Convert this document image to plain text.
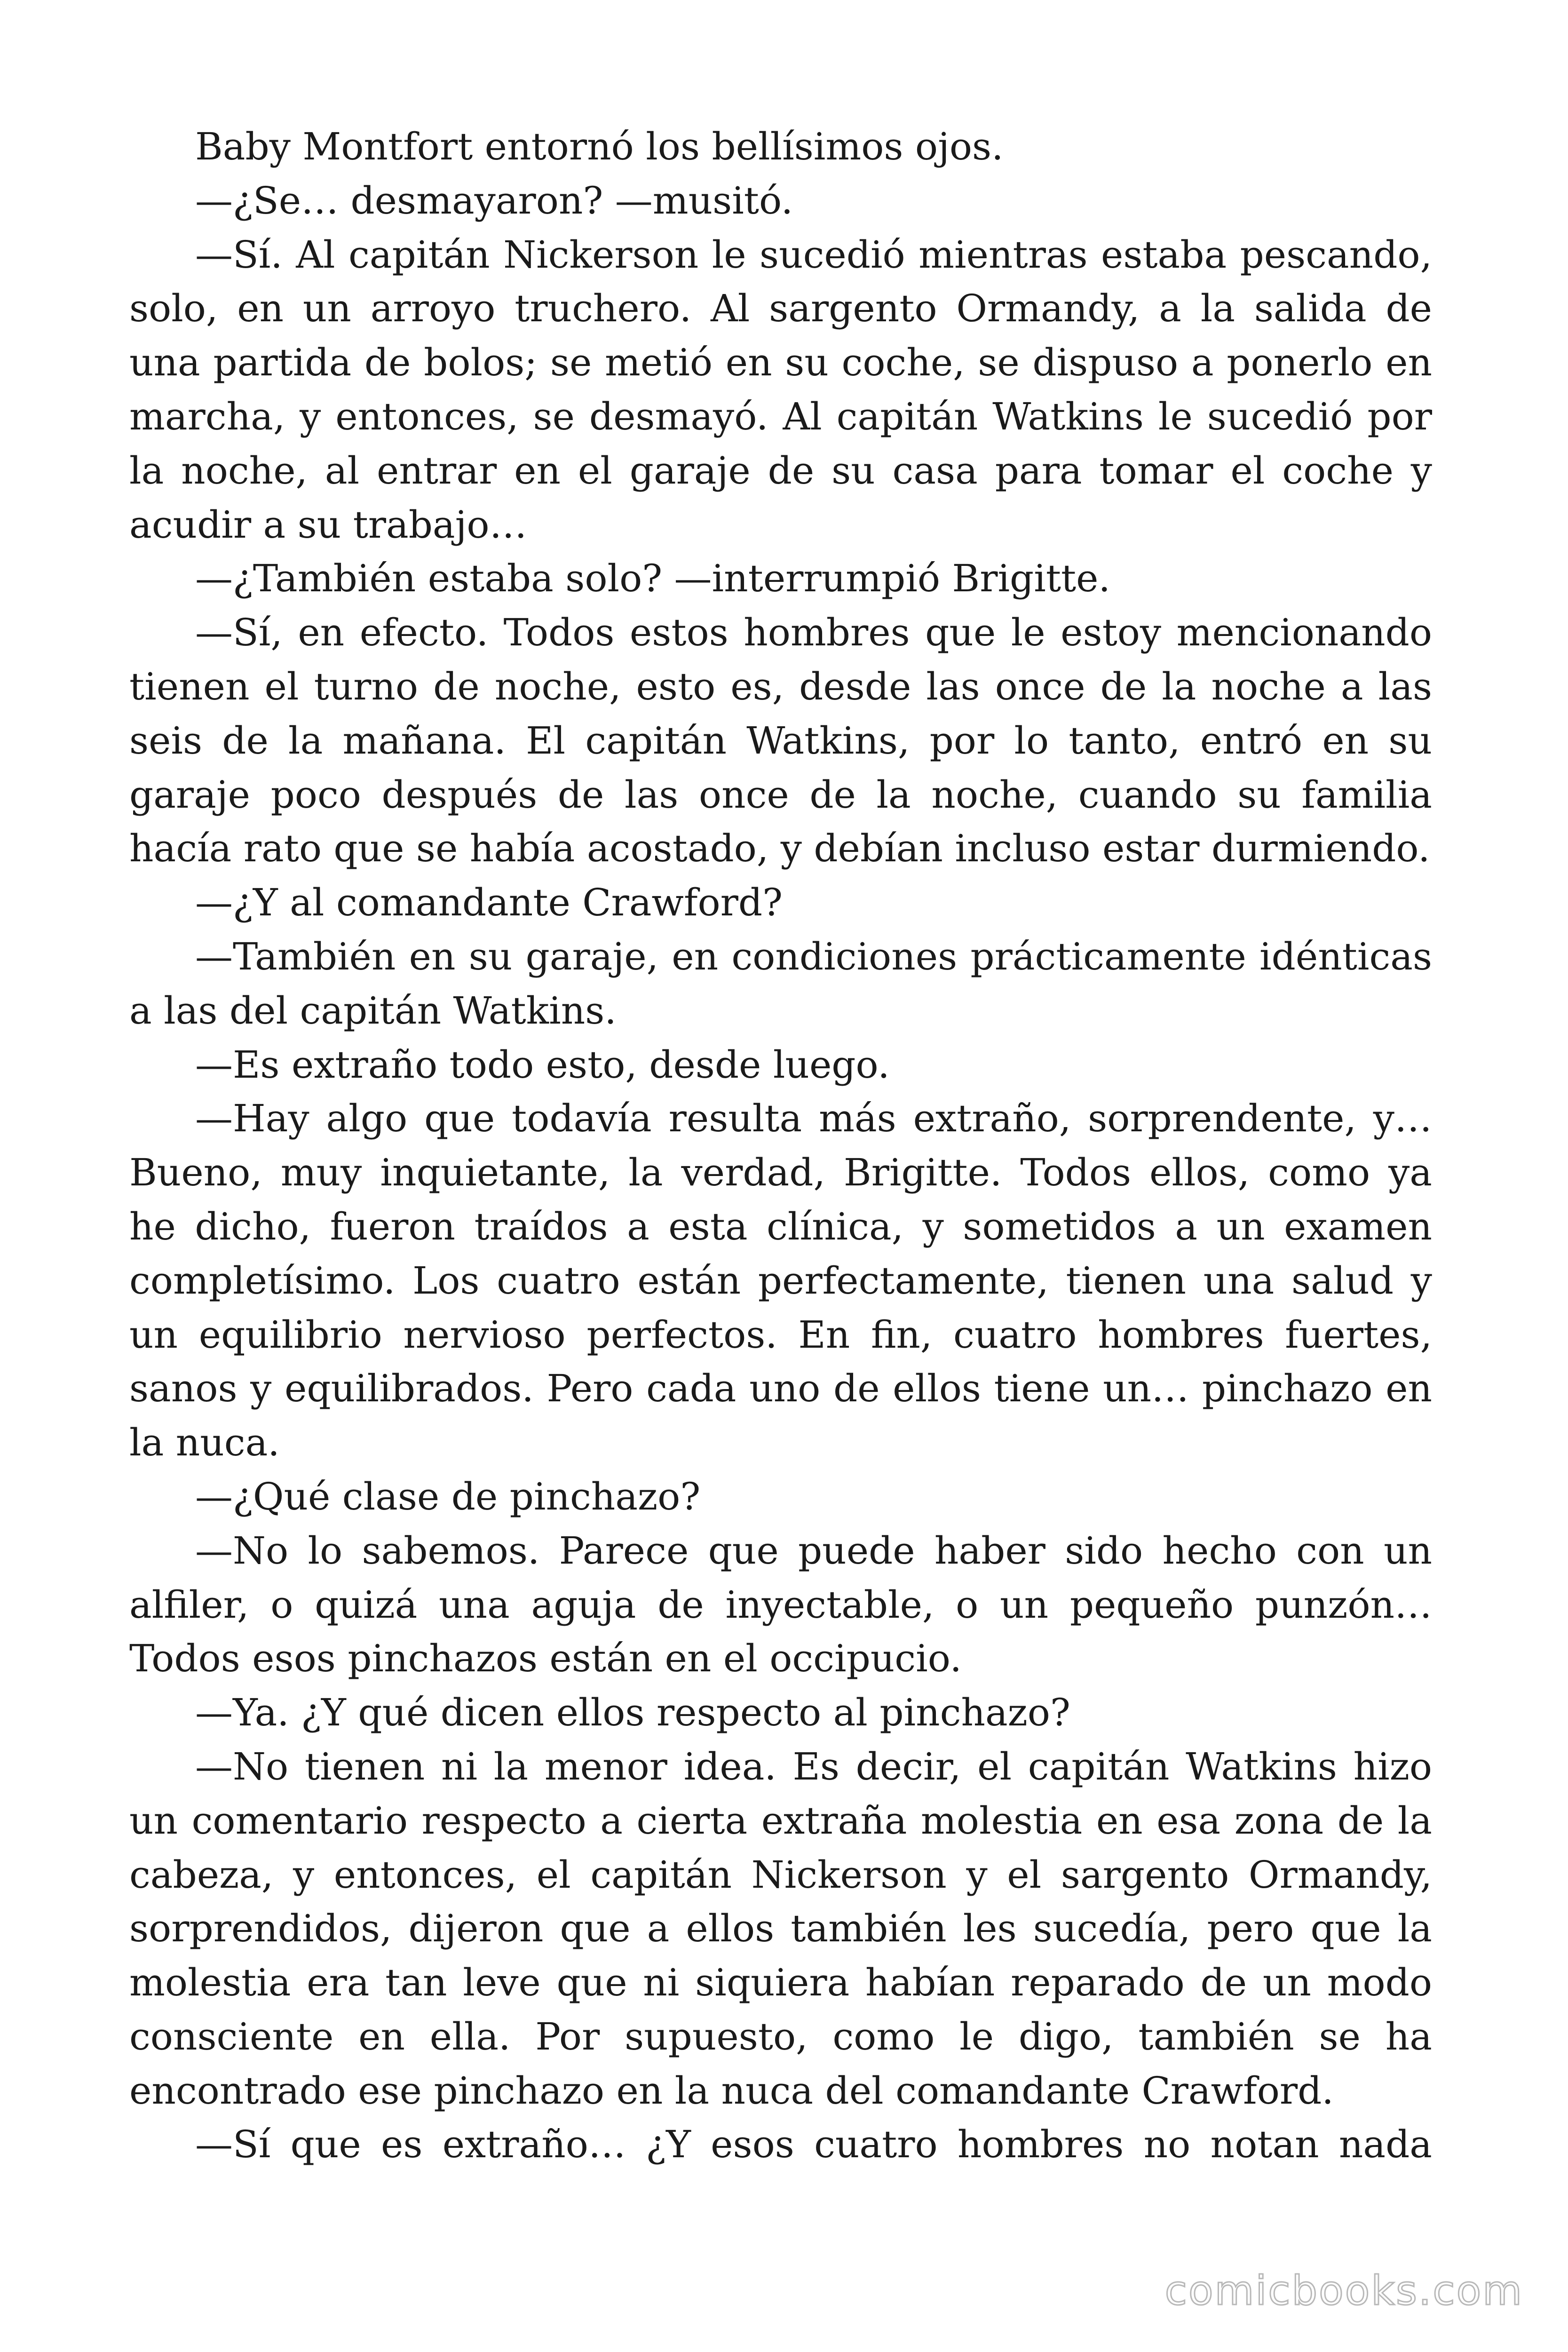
Baby Montfort entornó los bellísimos ojos.

—¿Se… desmayaron? —musitó.

—Sí. Al capitán Nickerson le sucedió mientras estaba pescando, solo, en un arroyo truchero. Al sargento Ormandy, a la salida de una partida de bolos; se metió en su coche, se dispuso a ponerlo en marcha, y entonces, se desmayó. Al capitán Watkins le sucedió por la noche, al entrar en el garaje de su casa para tomar el coche y acudir a su trabajo…

—¿También estaba solo? —interrumpió Brigitte.

—Sí, en efecto. Todos estos hombres que le estoy mencionando tienen el turno de noche, esto es, desde las once de la noche a las seis de la mañana. El capitán Watkins, por lo tanto, entró en su garaje poco después de las once de la noche, cuando su familia hacía rato que se había acostado, y debían incluso estar durmiendo.

—¿Y al comandante Crawford?

—También en su garaje, en condiciones prácticamente idénticas a las del capitán Watkins.

—Es extraño todo esto, desde luego.

—Hay algo que todavía resulta más extraño, sorprendente, y… Bueno, muy inquietante, la verdad, Brigitte. Todos ellos, como ya he dicho, fueron traídos a esta clínica, y sometidos a un examen completísimo. Los cuatro están perfectamente, tienen una salud y un equilibrio nervioso perfectos. En fin, cuatro hombres fuertes, sanos y equilibrados. Pero cada uno de ellos tiene un… pinchazo en la nuca.

—¿Qué clase de pinchazo?

—No lo sabemos. Parece que puede haber sido hecho con un alfiler, o quizá una aguja de inyectable, o un pequeño punzón… Todos esos pinchazos están en el occipucio.

—Ya. ¿Y qué dicen ellos respecto al pinchazo?

—No tienen ni la menor idea. Es decir, el capitán Watkins hizo un comentario respecto a cierta extraña molestia en esa zona de la cabeza, y entonces, el capitán Nickerson y el sargento Ormandy, sorprendidos, dijeron que a ellos también les sucedía, pero que la molestia era tan leve que ni siquiera habían reparado de un modo consciente en ella. Por supuesto, como le digo, también se ha encontrado ese pinchazo en la nuca del comandante Crawford.

—Sí que es extraño… ¿Y esos cuatro hombres no notan nada

comicbooks.com
